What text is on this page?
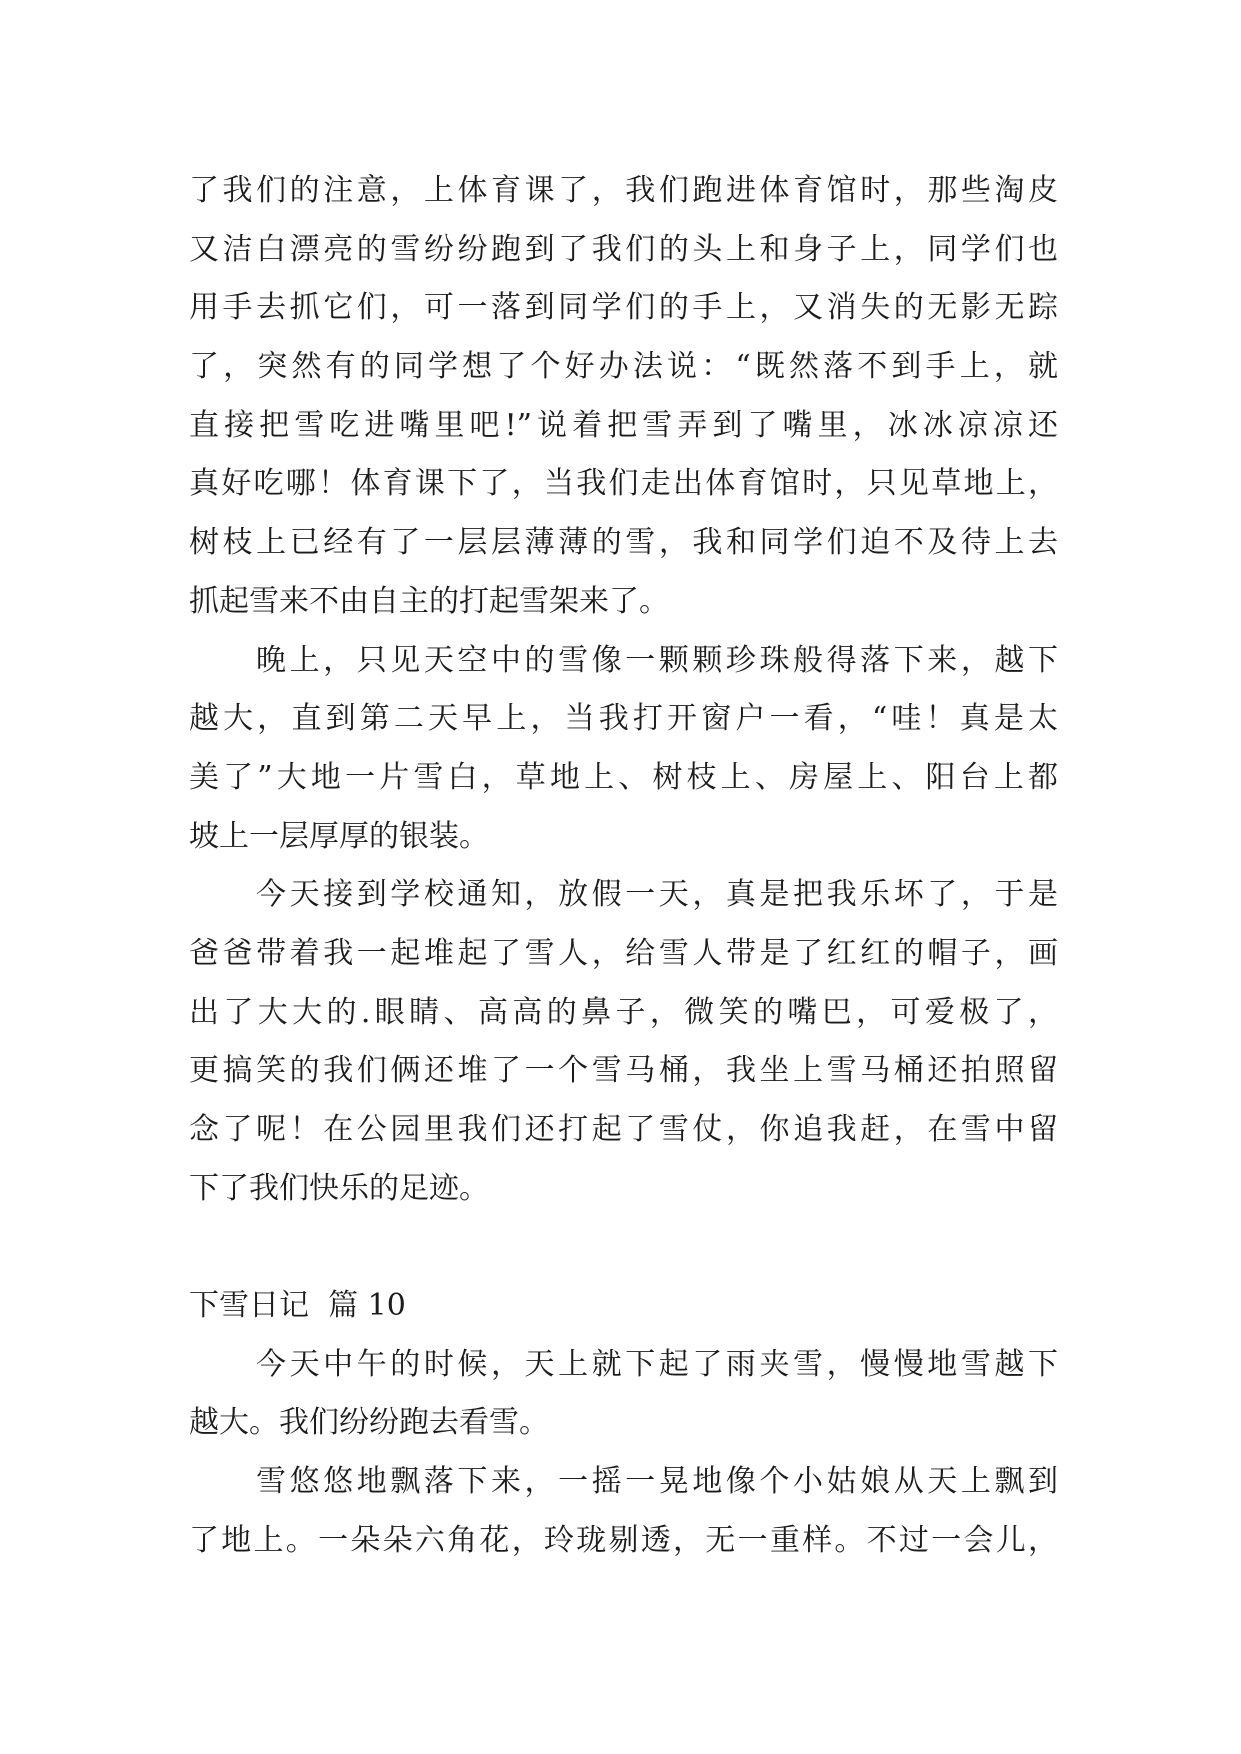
了我们的注意，上体育课了，我们跑进体育馆时，那些淘皮
又洁白漂亮的雪纷纷跑到了我们的头上和身子上，同学们也
用手去抓它们，可一落到同学们的手上，又消失的无影无踪
了，突然有的同学想了个好办法说：“既然落不到手上，就
直接把雪吃进嘴里吧!”说着把雪弄到了嘴里，冰冰凉凉还
真好吃哪！体育课下了，当我们走出体育馆时，只见草地上，
树枝上已经有了一层层薄薄的雪，我和同学们迫不及待上去
抓起雪来不由自主的打起雪架来了。
晚上，只见天空中的雪像一颗颗珍珠般得落下来，越下
越大，直到第二天早上，当我打开窗户一看，“哇！真是太
美了”大地一片雪白，草地上、树枝上、房屋上、阳台上都
坡上一层厚厚的银装。
今天接到学校通知，放假一天，真是把我乐坏了，于是
爸爸带着我一起堆起了雪人，给雪人带是了红红的帽子，画
出了大大的.眼睛、高高的鼻子，微笑的嘴巴，可爱极了，
更搞笑的我们俩还堆了一个雪马桶，我坐上雪马桶还拍照留
念了呢！在公园里我们还打起了雪仗，你追我赶，在雪中留
下了我们快乐的足迹。
下雪日记  篇 10
今天中午的时候，天上就下起了雨夹雪，慢慢地雪越下
越大。我们纷纷跑去看雪。
雪悠悠地飘落下来，一摇一晃地像个小姑娘从天上飘到
了地上。一朵朵六角花，玲珑剔透，无一重样。不过一会儿，
